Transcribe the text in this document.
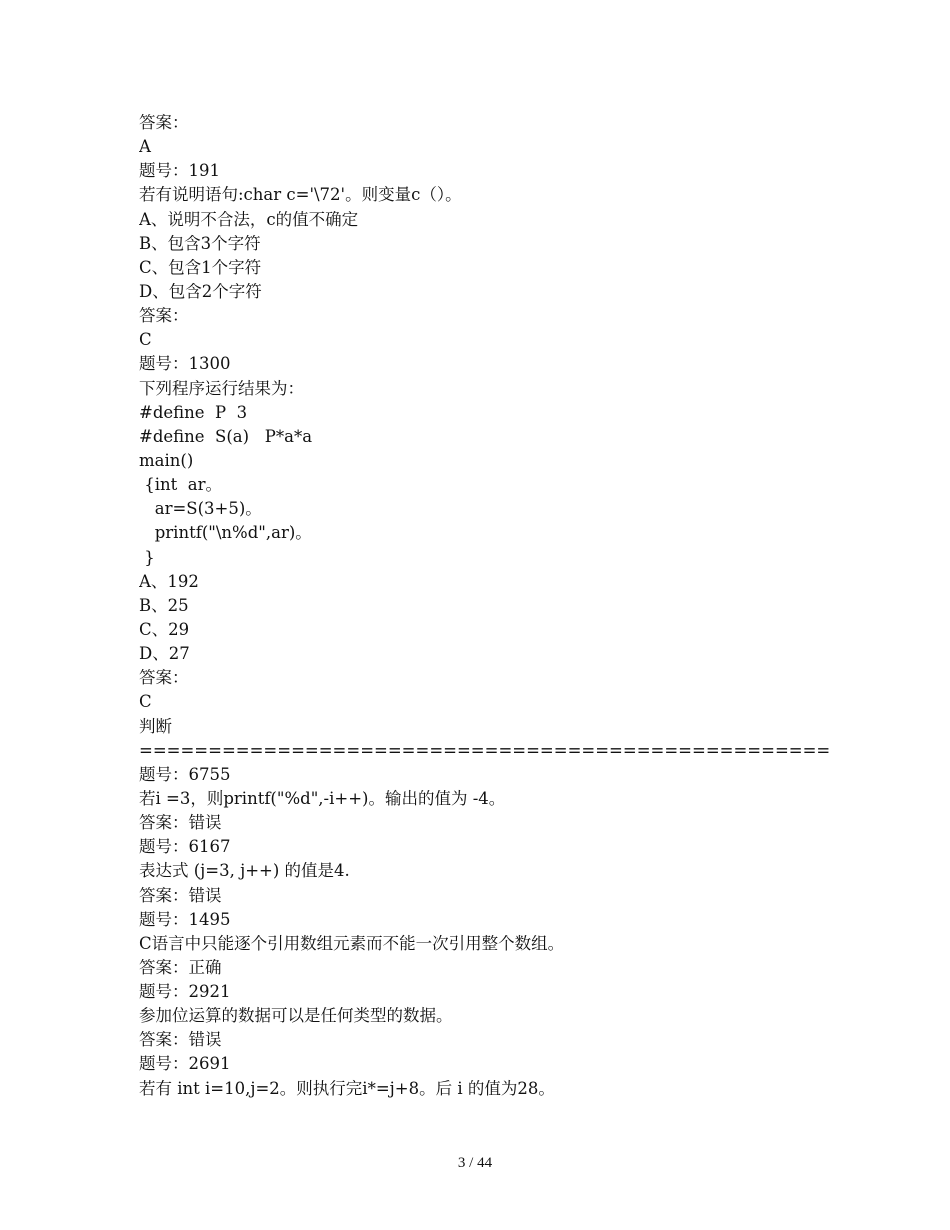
答案：
A
题号：191
若有说明语句:char c='\72'。则变量c（）。
A、说明不合法，c的值不确定
B、包含3个字符
C、包含1个字符
D、包含2个字符
答案：
C
题号：1300
下列程序运行结果为：
#define  P  3
#define  S(a)   P*a*a
main()
{int  ar。
ar=S(3+5)。
printf("\n%d",ar)。
}
A、192
B、25
C、29
D、27
答案：
C
判断
==================================================
题号：6755
若i =3，则printf("%d",-i++)。输出的值为 -4。
答案：错误
题号：6167
表达式 (j=3, j++) 的值是4.
答案：错误
题号：1495
C语言中只能逐个引用数组元素而不能一次引用整个数组。
答案：正确
题号：2921
参加位运算的数据可以是任何类型的数据。
答案：错误
题号：2691
若有 int i=10,j=2。则执行完i*=j+8。后 i 的值为28。
3 / 44
